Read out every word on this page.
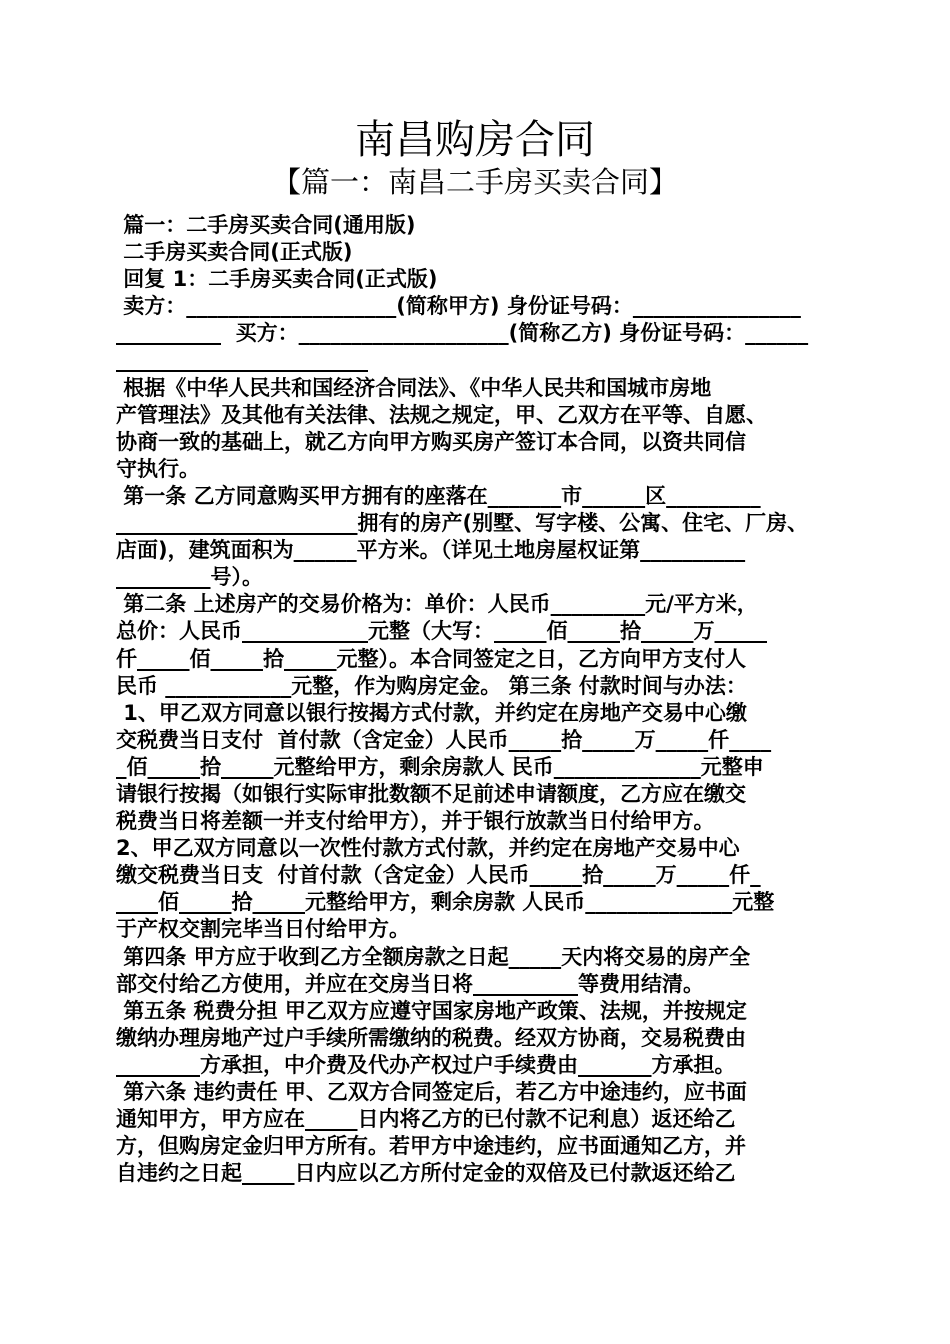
南昌购房合同
【篇一：南昌二手房买卖合同】
篇一：二手房买卖合同(通用版)
二手房买卖合同(正式版)
回复 1：二手房买卖合同(正式版)
卖方：____________________(简称甲方) 身份证号码：________________
__________  买方：____________________(简称乙方) 身份证号码：______
________________________
根据《中华人民共和国经济合同法》、《中华人民共和国城市房地
产管理法》及其他有关法律、法规之规定，甲、乙双方在平等、自愿、
协商一致的基础上，就乙方向甲方购买房产签订本合同，以资共同信
守执行。
第一条 乙方同意购买甲方拥有的座落在_______市______区_________
_______________________拥有的房产(别墅、写字楼、公寓、住宅、厂房、
店面)，建筑面积为______平方米。（详见土地房屋权证第__________
_________号）。
第二条 上述房产的交易价格为：单价：人民币_________元/平方米，
总价：人民币____________元整（大写：_____佰_____拾_____万_____
仟_____佰_____拾_____元整）。本合同签定之日，乙方向甲方支付人
民币 ____________元整，作为购房定金。 第三条 付款时间与办法：
1、甲乙双方同意以银行按揭方式付款，并约定在房地产交易中心缴
交税费当日支付  首付款（含定金）人民币_____拾_____万_____仟____
_佰_____拾_____元整给甲方，剩余房款人 民币______________元整申
请银行按揭（如银行实际审批数额不足前述申请额度，乙方应在缴交
税费当日将差额一并支付给甲方），并于银行放款当日付给甲方。
2、甲乙双方同意以一次性付款方式付款，并约定在房地产交易中心
缴交税费当日支  付首付款（含定金）人民币_____拾_____万_____仟_
____佰_____拾_____元整给甲方，剩余房款 人民币______________元整
于产权交割完毕当日付给甲方。
第四条 甲方应于收到乙方全额房款之日起_____天内将交易的房产全
部交付给乙方使用，并应在交房当日将__________等费用结清。
第五条 税费分担 甲乙双方应遵守国家房地产政策、法规，并按规定
缴纳办理房地产过户手续所需缴纳的税费。经双方协商，交易税费由
________方承担，中介费及代办产权过户手续费由_______方承担。
第六条 违约责任 甲、乙双方合同签定后，若乙方中途违约，应书面
通知甲方，甲方应在_____日内将乙方的已付款不记利息）返还给乙
方，但购房定金归甲方所有。若甲方中途违约，应书面通知乙方，并
自违约之日起_____日内应以乙方所付定金的双倍及已付款返还给乙
